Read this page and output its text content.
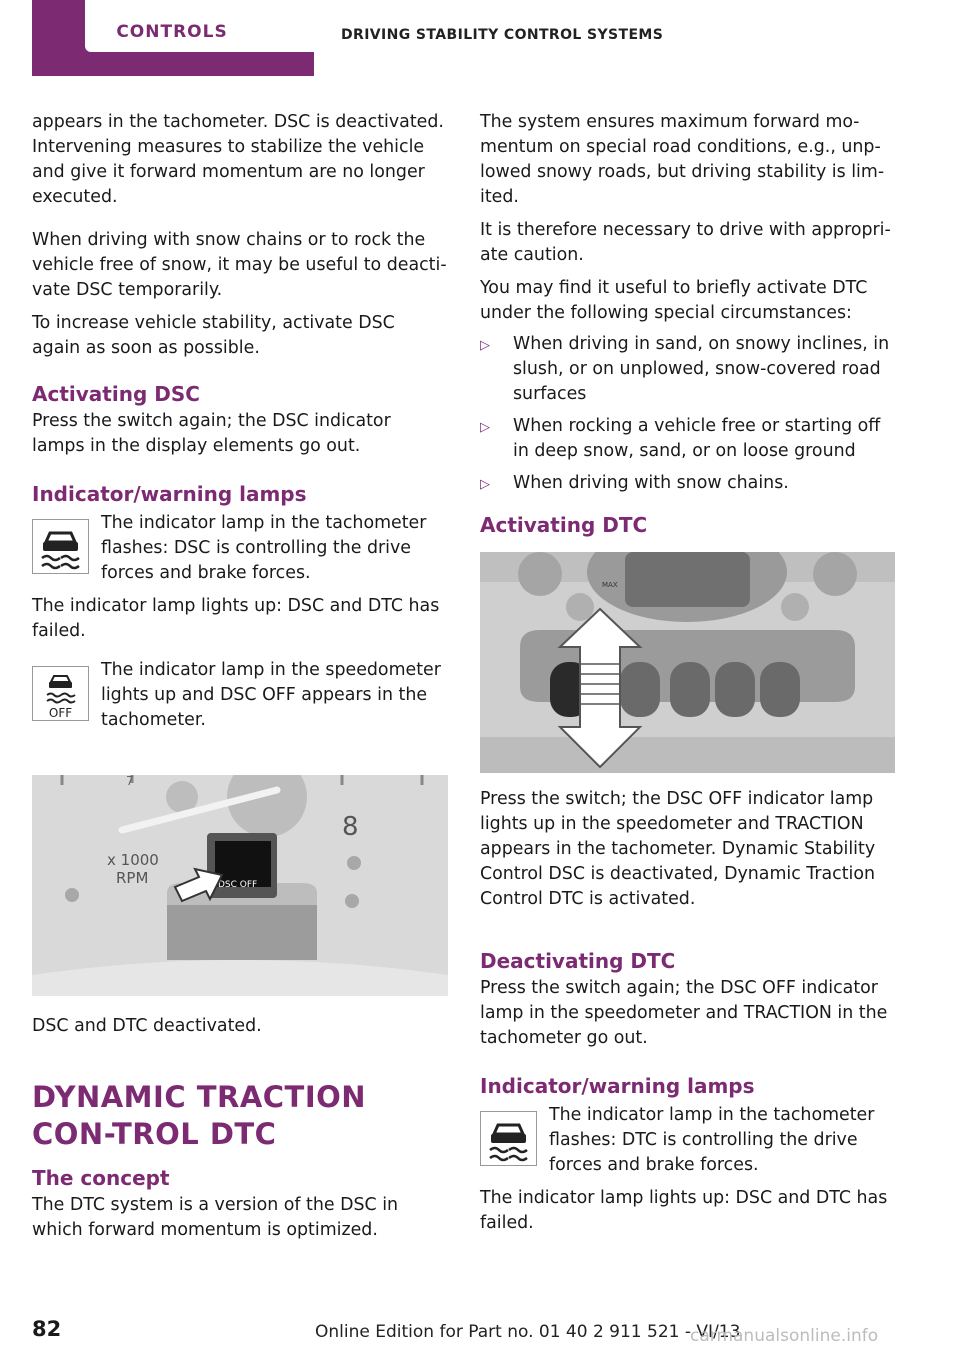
CONTROLS	DRIVING STABILITY CONTROL SYSTEMS

appears in the tachometer. DSC is deactivated. Intervening measures to stabilize the vehicle and give it forward momentum are no longer executed.

When driving with snow chains or to rock the vehicle free of snow, it may be useful to deacti‐vate DSC temporarily.

To increase vehicle stability, activate DSC again as soon as possible.

Activating DSC

Press the switch again; the DSC indicator lamps in the display elements go out.

Indicator/warning lamps

The indicator lamp in the tachometer flashes: DSC is controlling the drive forces and brake forces.

The indicator lamp lights up: DSC and DTC has failed.

OFF

The indicator lamp in the speedometer lights up and DSC OFF appears in the tachometer.

7
8
x 1000
RPM	DSC OFF

DSC and DTC deactivated.

DYNAMIC TRACTION CON‐TROL DTC
The concept

The DTC system is a version of the DSC in which forward momentum is optimized.

The system ensures maximum forward mo‐mentum on special road conditions, e.g., unp‐lowed snowy roads, but driving stability is lim‐ited.

It is therefore necessary to drive with appropri‐ate caution.

You may find it useful to briefly activate DTC under the following special circumstances:

▷ When driving in sand, on snowy inclines, in slush, or on unplowed, snow-covered road surfaces
▷ When rocking a vehicle free or starting off in deep snow, sand, or on loose ground
▷ When driving with snow chains.
Activating DTC
MAX

Press the switch; the DSC OFF indicator lamp lights up in the speedometer and TRACTION appears in the tachometer. Dynamic Stability Control DSC is deactivated, Dynamic Traction Control DTC is activated.

Deactivating DTC

Press the switch again; the DSC OFF indicator lamp in the speedometer and TRACTION in the tachometer go out.

Indicator/warning lamps

The indicator lamp in the tachometer flashes: DTC is controlling the drive forces and brake forces.

The indicator lamp lights up: DSC and DTC has failed.

82	Online Edition for Part no. 01 40 2 911 521 - VI/13
carmanualsonline.info
